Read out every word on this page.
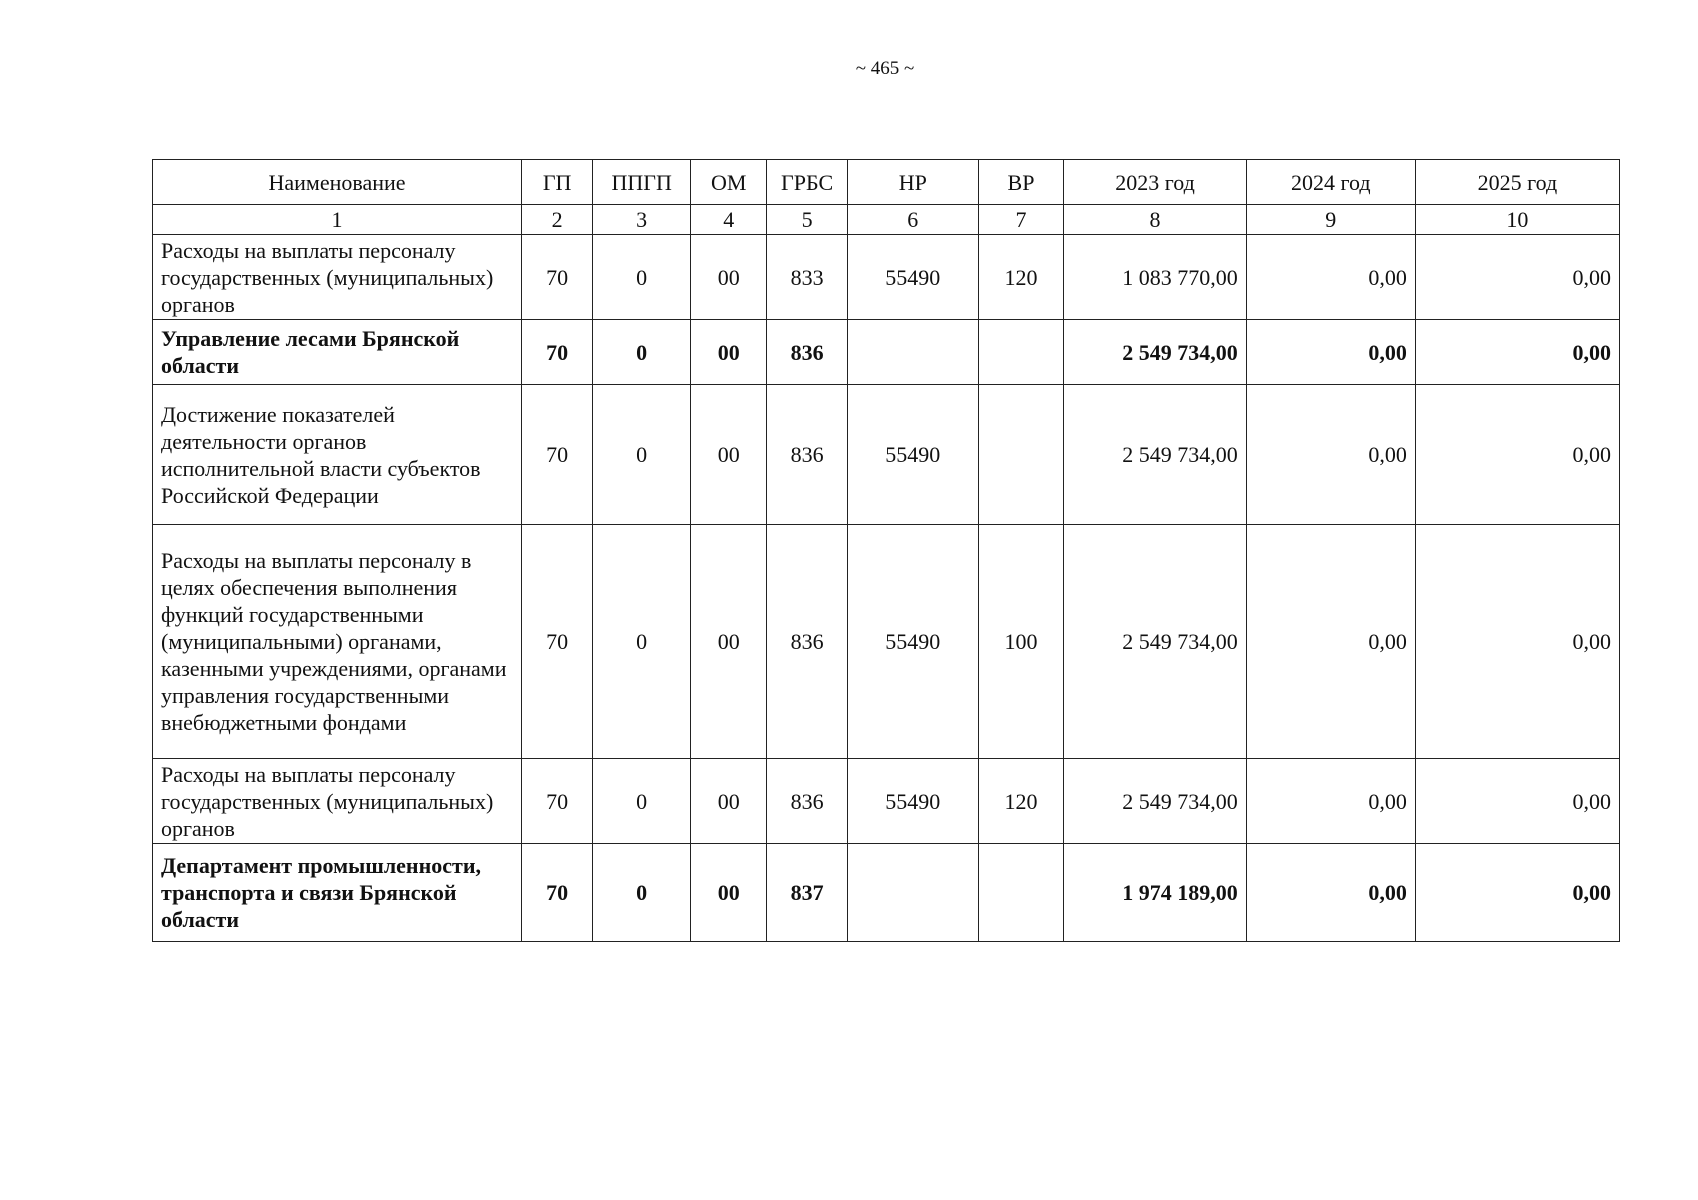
~ 465 ~
Наименование	ГП	ППГП	ОМ	ГРБС	НР	ВР	2023 год	2024 год	2025 год
1	2	3	4	5	6	7	8	9	10
Расходы на выплаты персоналу государственных (муниципальных) органов	70	0	00	833	55490	120	1 083 770,00	0,00	0,00
Управление лесами Брянской области	70	0	00	836			2 549 734,00	0,00	0,00
Достижение показателей деятельности органов исполнительной власти субъектов Российской Федерации	70	0	00	836	55490		2 549 734,00	0,00	0,00
Расходы на выплаты персоналу в целях обеспечения выполнения функций государственными (муниципальными) органами, казенными учреждениями, органами управления государственными внебюджетными фондами	70	0	00	836	55490	100	2 549 734,00	0,00	0,00
Расходы на выплаты персоналу государственных (муниципальных) органов	70	0	00	836	55490	120	2 549 734,00	0,00	0,00
Департамент промышленности, транспорта и связи Брянской области	70	0	00	837			1 974 189,00	0,00	0,00
